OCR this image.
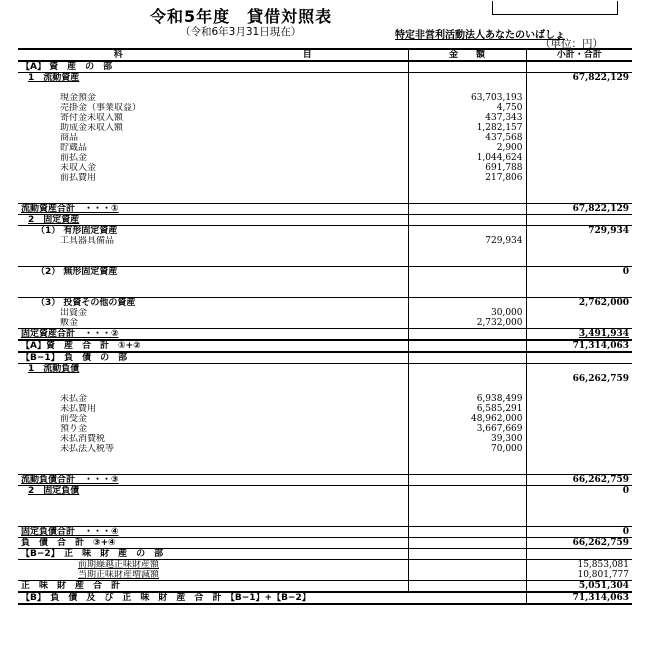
令和5年度　貸借対照表
（令和6年3月31日現在）	特定非営利活動法人あなたのいばしょ
（単位：円）
科　　　　　　　　　　　　　　　　　　　　目	金　　額	小計・合計
【A】 資　産　の　部		
1　流動資産		67,822,129

現金預金	63,703,193	
売掛金（事業収益）	4,750	
寄付金未収入額	437,343	
助成金未収入額	1,282,157	
商品	437,568	
貯蔵品	2,900	
前払金	1,044,624	
未収入金	691,788	
前払費用	217,806	

流動資産合計　・・・①		67,822,129
2　固定資産		
（1） 有形固定資産		729,934
工具器具備品	729,934	

（2） 無形固定資産		0

（3） 投資その他の資産		2,762,000
出資金	30,000	
敷金	2,732,000	
固定資産合計　・・・②		3,491,934
【A】資　産　合　計　①+②		71,314,063
【B−1】　負　債　の　部		
1　流動負債		
		66,262,759

未払金	6,938,499	
未払費用	6,585,291	
前受金	48,962,000	
預り金	3,667,669	
未払消費税	39,300	
未払法人税等	70,000	

流動負債合計　・・・③		66,262,759
2　固定負債		0

固定負債合計　・・・④		0
負　債　合　計　③+④		66,262,759
【B−2】　正　味　財　産　の　部		
前期繰越正味財産額		15,853,081
当期正味財産増減額		10,801,777
正　味　財　産　合　計		5,051,304
【B】　負　債　及　び　正　味　財　産　合　計　【B−1】+【B−2】		71,314,063
